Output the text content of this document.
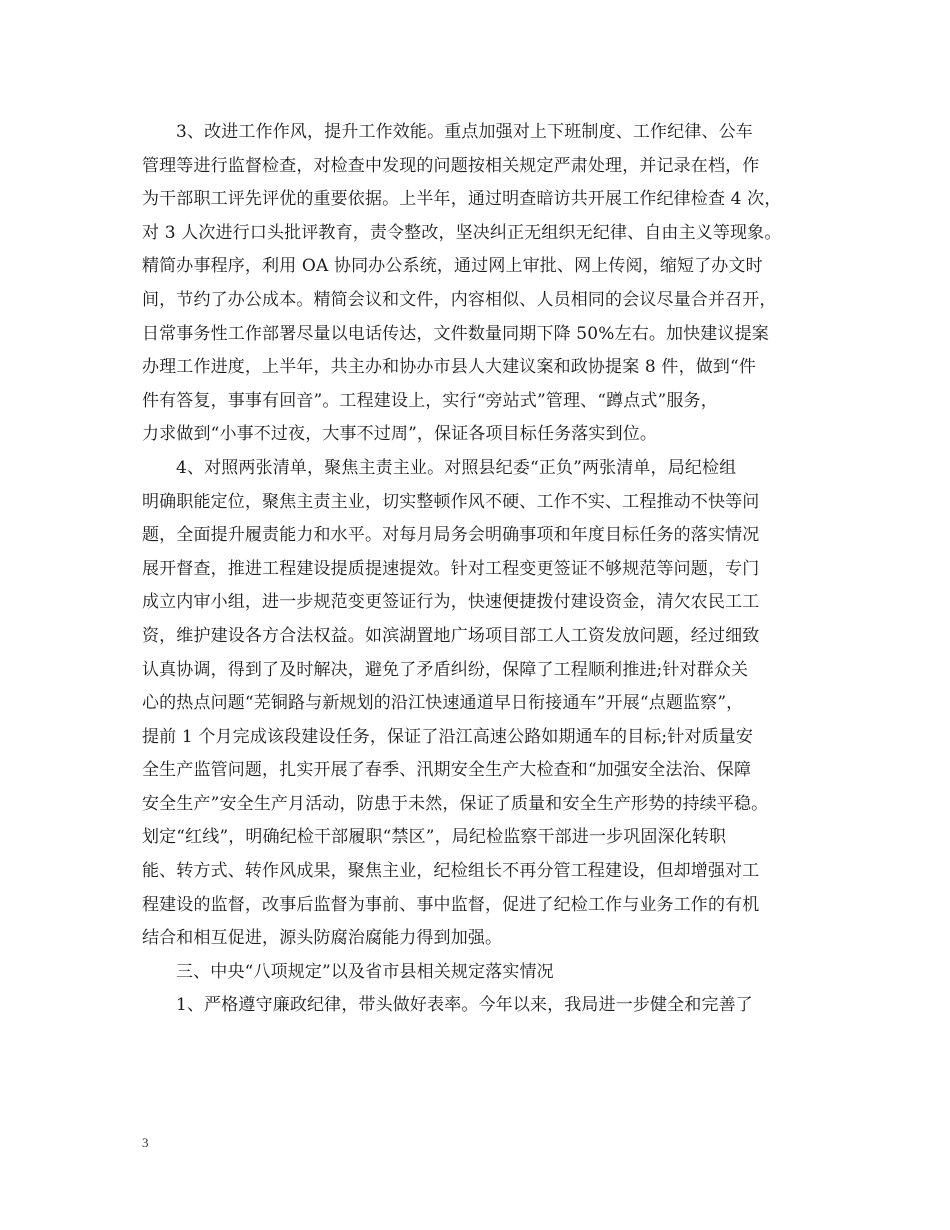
3、改进工作作风，提升工作效能。重点加强对上下班制度、工作纪律、公车
管理等进行监督检查，对检查中发现的问题按相关规定严肃处理，并记录在档，作
为干部职工评先评优的重要依据。上半年，通过明查暗访共开展工作纪律检查 4 次，
对 3 人次进行口头批评教育，责令整改，坚决纠正无组织无纪律、自由主义等现象。
精简办事程序，利用 OA 协同办公系统，通过网上审批、网上传阅，缩短了办文时
间，节约了办公成本。精简会议和文件，内容相似、人员相同的会议尽量合并召开，
日常事务性工作部署尽量以电话传达，文件数量同期下降 50%左右。加快建议提案
办理工作进度，上半年，共主办和协办市县人大建议案和政协提案 8 件，做到“件
件有答复，事事有回音”。工程建设上，实行“旁站式”管理、“蹲点式”服务，
力求做到“小事不过夜，大事不过周”，保证各项目标任务落实到位。
4、对照两张清单，聚焦主责主业。对照县纪委“正负”两张清单，局纪检组
明确职能定位，聚焦主责主业，切实整顿作风不硬、工作不实、工程推动不快等问
题，全面提升履责能力和水平。对每月局务会明确事项和年度目标任务的落实情况
展开督查，推进工程建设提质提速提效。针对工程变更签证不够规范等问题，专门
成立内审小组，进一步规范变更签证行为，快速便捷拨付建设资金，清欠农民工工
资，维护建设各方合法权益。如滨湖置地广场项目部工人工资发放问题，经过细致
认真协调，得到了及时解决，避免了矛盾纠纷，保障了工程顺利推进;针对群众关
心的热点问题“芜铜路与新规划的沿江快速通道早日衔接通车”开展“点题监察”，
提前 1 个月完成该段建设任务，保证了沿江高速公路如期通车的目标;针对质量安
全生产监管问题，扎实开展了春季、汛期安全生产大检查和“加强安全法治、保障
安全生产”安全生产月活动，防患于未然，保证了质量和安全生产形势的持续平稳。
划定“红线”，明确纪检干部履职“禁区”，局纪检监察干部进一步巩固深化转职
能、转方式、转作风成果，聚焦主业，纪检组长不再分管工程建设，但却增强对工
程建设的监督，改事后监督为事前、事中监督，促进了纪检工作与业务工作的有机
结合和相互促进，源头防腐治腐能力得到加强。
三、中央“八项规定”以及省市县相关规定落实情况
1、严格遵守廉政纪律，带头做好表率。今年以来，我局进一步健全和完善了
3
